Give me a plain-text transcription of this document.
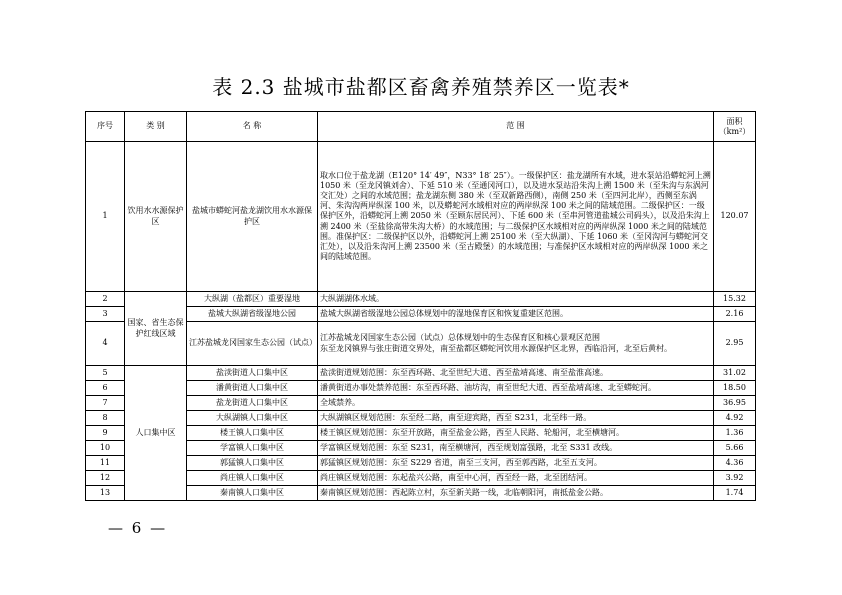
表 2.3 盐城市盐都区畜禽养殖禁养区一览表*
序号	类 别	名 称	范 围	面积
（km²）

1	饮用水水源保护区	盐城市蟒蛇河盐龙湖饮用水水源保护区	取水口位于盐龙湖（E120° 14′ 49″，N33° 18′ 25″）。一级保护区：盐龙湖所有水域，进水泵站沿蟒蛇河上溯 1050 米（至龙冈镇刘舍）、下延 510 米（至通冈河口），以及进水泵站沿朱沟上溯 1500 米（至朱沟与东涡河交汇处）之间的水域范围；盐龙湖东侧 380 米（至双新路西侧），南侧 250 米（至四河北岸），西侧至东涡河、朱沟沟两岸纵深 100 米，以及蟒蛇河水域相对应的两岸纵深 100 米之间的陆域范围。二级保护区：一级保护区外，沿蟒蛇河上溯 2050 米（至顾东居民河）、下延 600 米（至串河管道盐城公司码头），以及沿朱沟上溯 2400 米（至盐徐高带朱沟大桥）的水域范围；与二级保护区水域相对应的两岸纵深 1000 米之间的陆域范围。准保护区：二级保护区以外，沿蟒蛇河上溯 25100 米（至大纵湖）、下延 1060 米（至冈沟河与蟒蛇河交汇处），以及沿朱沟河上溯 23500 米（至古殿堡）的水域范围；与准保护区水域相对应的两岸纵深 1000 米之间的陆域范围。	120.07
2	国家、省生态保护红线区域	大纵湖（盐都区）重要湿地	大纵湖湖体水域。	15.32
3		盐城大纵湖省级湿地公园	盐城大纵湖省级湿地公园总体规划中的湿地保育区和恢复重建区范围。	2.16
4		江苏盐城龙冈国家生态公园（试点）	江苏盐城龙冈国家生态公园（试点）总体规划中的生态保育区和核心景观区范围
东至龙冈镇界与张庄街道交界处，南至盐都区蟒蛇河饮用水源保护区北界，西临沿河，北至后黄村。	2.95
5	人口集中区	盐渎街道人口集中区	盐渎街道规划范围：东至西环路、北至世纪大道、西至盐靖高速、南至盐淮高速。	31.02
6		潘黄街道人口集中区	潘黄街道办事处禁养范围：东至西环路、油坊沟，南至世纪大道、西至盐靖高速、北至蟒蛇河。	18.50
7		盐龙街道人口集中区	全域禁养。	36.95
8		大纵湖镇人口集中区	大纵湖镇区规划范围：东至经二路，南至迎宾路，西至 S231，北至纬一路。	4.92
9		楼王镇人口集中区	楼王镇区规划范围：东至开放路，南至盐金公路，西至人民路、轮船河，北至横塘河。	1.36
10		学富镇人口集中区	学富镇区规划范围：东至 S231，南至横塘河，西至规划富强路，北至 S331 改线。	5.66
11		郭猛镇人口集中区	郭猛镇区规划范围：东至 S229 省道，南至三支河，西至郭西路，北至五支河。	4.36
12		尚庄镇人口集中区	尚庄镇区规划范围：东起盐兴公路，南至中心河，西至经一路，北至团结河。	3.92
13		秦南镇人口集中区	秦南镇区规划范围：西起陈立村，东至新关路一线，北临朝阳河，南抵盐金公路。	1.74
— 6 —
